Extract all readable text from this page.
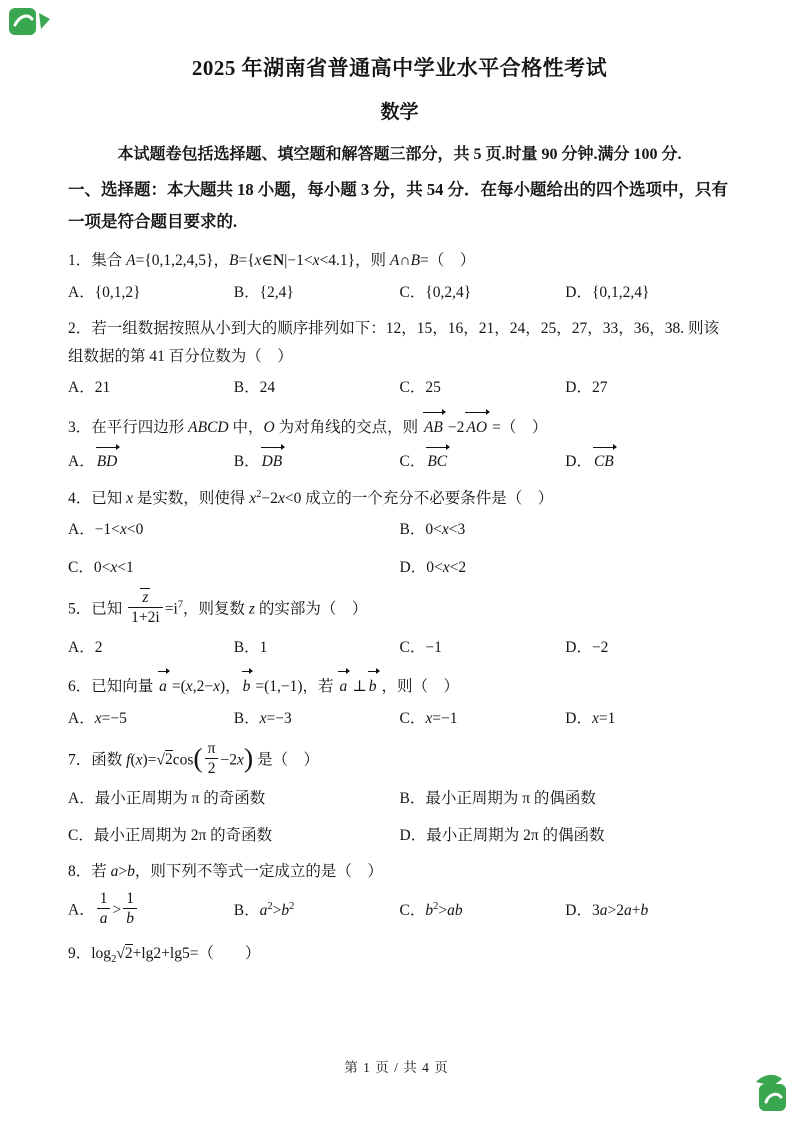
2025 年湖南省普通高中学业水平合格性考试
数学

本试题卷包括选择题、填空题和解答题三部分，共 5 页.时量 90 分钟.满分 100 分.

一、选择题：本大题共 18 小题，每小题 3 分，共 54 分．在每小题给出的四个选项中，只有一项是符合题目要求的.

1．集合 A={0,1,2,4,5}，B={x∈N|−1<x<4.1}，则 A∩B=（　）

A．{0,1,2}	B．{2,4}	C．{0,2,4}	D．{0,1,2,4}

2．若一组数据按照从小到大的顺序排列如下：12，15，16，21，24，25，27，33，36，38. 则该组数据的第 41 百分位数为（　）

A．21	B．24	C．25	D．27

3．在平行四边形 ABCD 中，O 为对角线的交点，则 AB −2 AO =（　）

A． BD	B． DB	C． BC	D． CB

4．已知 x 是实数，则使得 $x^2-2x<0$ 成立的一个充分不必要条件是（　）

A．−1<x<0	B．0<x<3
C．0<x<1	D．0<x<2

5．已知 $\frac{z}{1+2i} =i^7$，则复数 z 的实部为（　）

A．2	B．1	C．−1	D．−2

6．已知向量 a =(x,2−x)， b =(1,−1)，若 a ⊥ b ，则（　）

A．x=−5	B．x=−3	C．x=−1	D．x=1

7．函数 $f(x)=√2\cos( \frac{\pi}{2} -2x)$ 是（　）

A．最小正周期为 π 的奇函数	B．最小正周期为 π 的偶函数
C．最小正周期为 2π 的奇函数	D．最小正周期为 2π 的偶函数

8．若 a>b，则下列不等式一定成立的是（　）

A． $\frac{1}{a} > \frac{1}{b}$	B．$a^2>b^2$	C．$b^2>ab$	D．3a>2a+b

9．$\log_2√2+\lg 2+\lg 5=$（　　）

第 1 页 / 共 4 页
